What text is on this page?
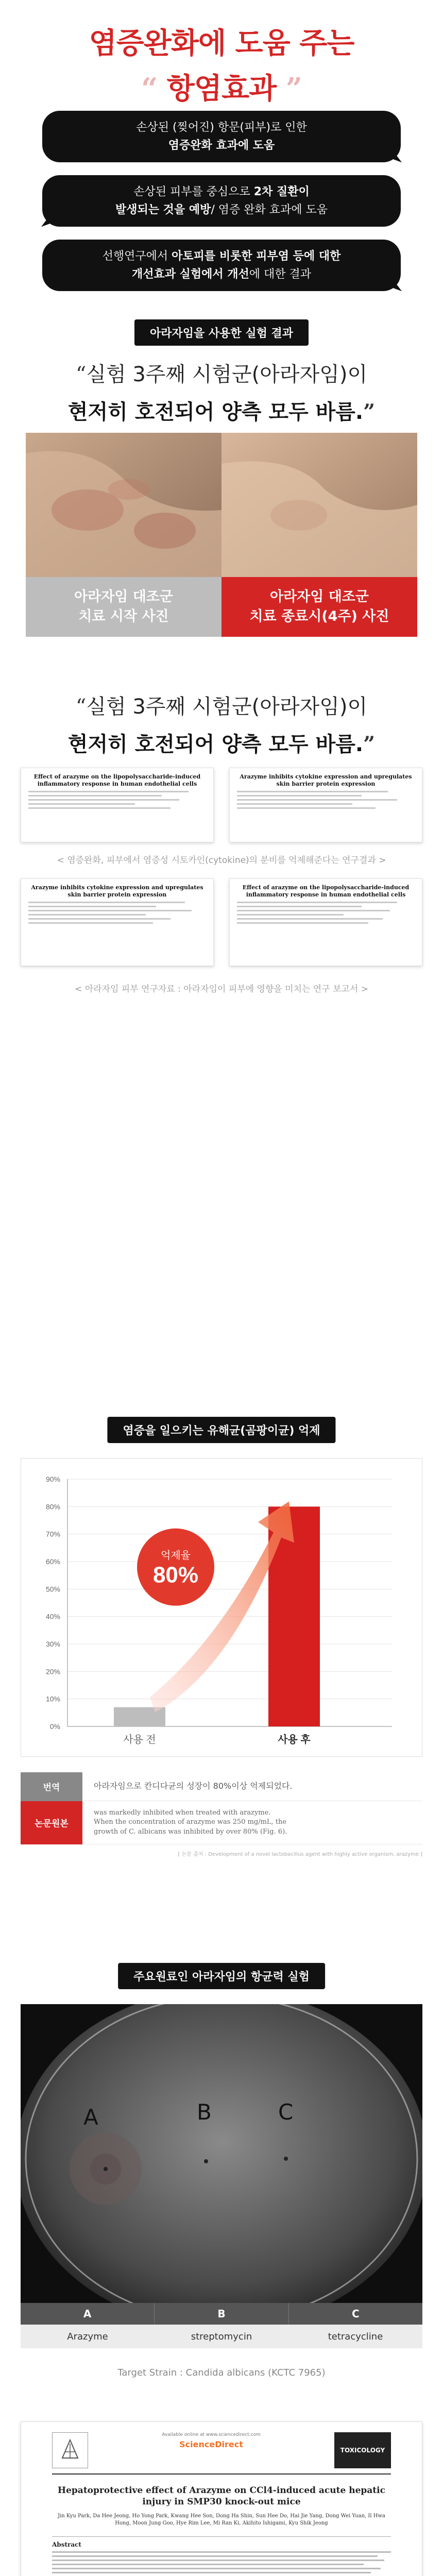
염증완화에 도움 주는
“ 항염효과 ”
손상된 (찢어진) 항문(피부)로 인한
염증완화 효과에 도움
손상된 피부를 중심으로 2차 질환이
발생되는 것을 예방/ 염증 완화 효과에 도움
선행연구에서 아토피를 비롯한 피부염 등에 대한
개선효과 실험에서 개선에 대한 결과
아라자임을 사용한 실험 결과
“실험 3주째 시험군(아라자임)이
현저히 호전되어 양측 모두 바름.”
아라자임 대조군
치료 시작 사진
아라자임 대조군
치료 종료시(4주) 사진
“실험 3주째 시험군(아라자임)이
현저히 호전되어 양측 모두 바름.”
Effect of arazyme on the lipopolysaccharide-induced inflammatory response in human endothelial cells
Arazyme inhibits cytokine expression and upregulates skin barrier protein expression
< 염증완화, 피부에서 염증성 시토카인(cytokine)의 분비를 억제해준다는 연구결과 >
Arazyme inhibits cytokine expression and upregulates skin barrier protein expression
Effect of arazyme on the lipopolysaccharide-induced inflammatory response in human endothelial cells
< 아라자임 피부 연구자료 : 아라자임이 피부에 영향을 미치는 연구 보고서 >
염증을 일으키는 유해균(곰팡이균) 억제
0%
10%
20%
30%
40%
50%
60%
70%
80%
90%
사용 전	사용 후
억제율
80%
번역	아라자임으로 칸디다균의 성장이 80%이상 억제되었다.
논문원본
was markedly inhibited when treated with arazyme.
When the concentration of arazyme was 250 mg/mL, the
growth of C. albicans was inhibited by over 80% (Fig. 6).
[ 논문 출처 : Development of a novel lactobacillus agent with highly active organism, arazyme ]
주요원료인 아라자임의 항균력 실험
A	B	C
A	B	C
Arazyme	streptomycin	tetracycline
Target Strain : Candida albicans (KCTC 7965)
Available online at www.sciencedirect.com
ScienceDirect
TOXICOLOGY
Hepatoprotective effect of Arazyme on CCl4-induced acute hepatic injury in SMP30 knock-out mice
Jin Kyu Park, Da Hee Jeong, Ho Yong Park, Kwang Hee Son, Dong Ha Shin, Sun Hee Do, Hai Jie Yang, Dong Wei Yuan, Il Hwa Hong, Moon Jung Goo, Hye Rim Lee, Mi Ran Ki, Akihito Ishigami, Kyu Shik Jeong
Abstract
